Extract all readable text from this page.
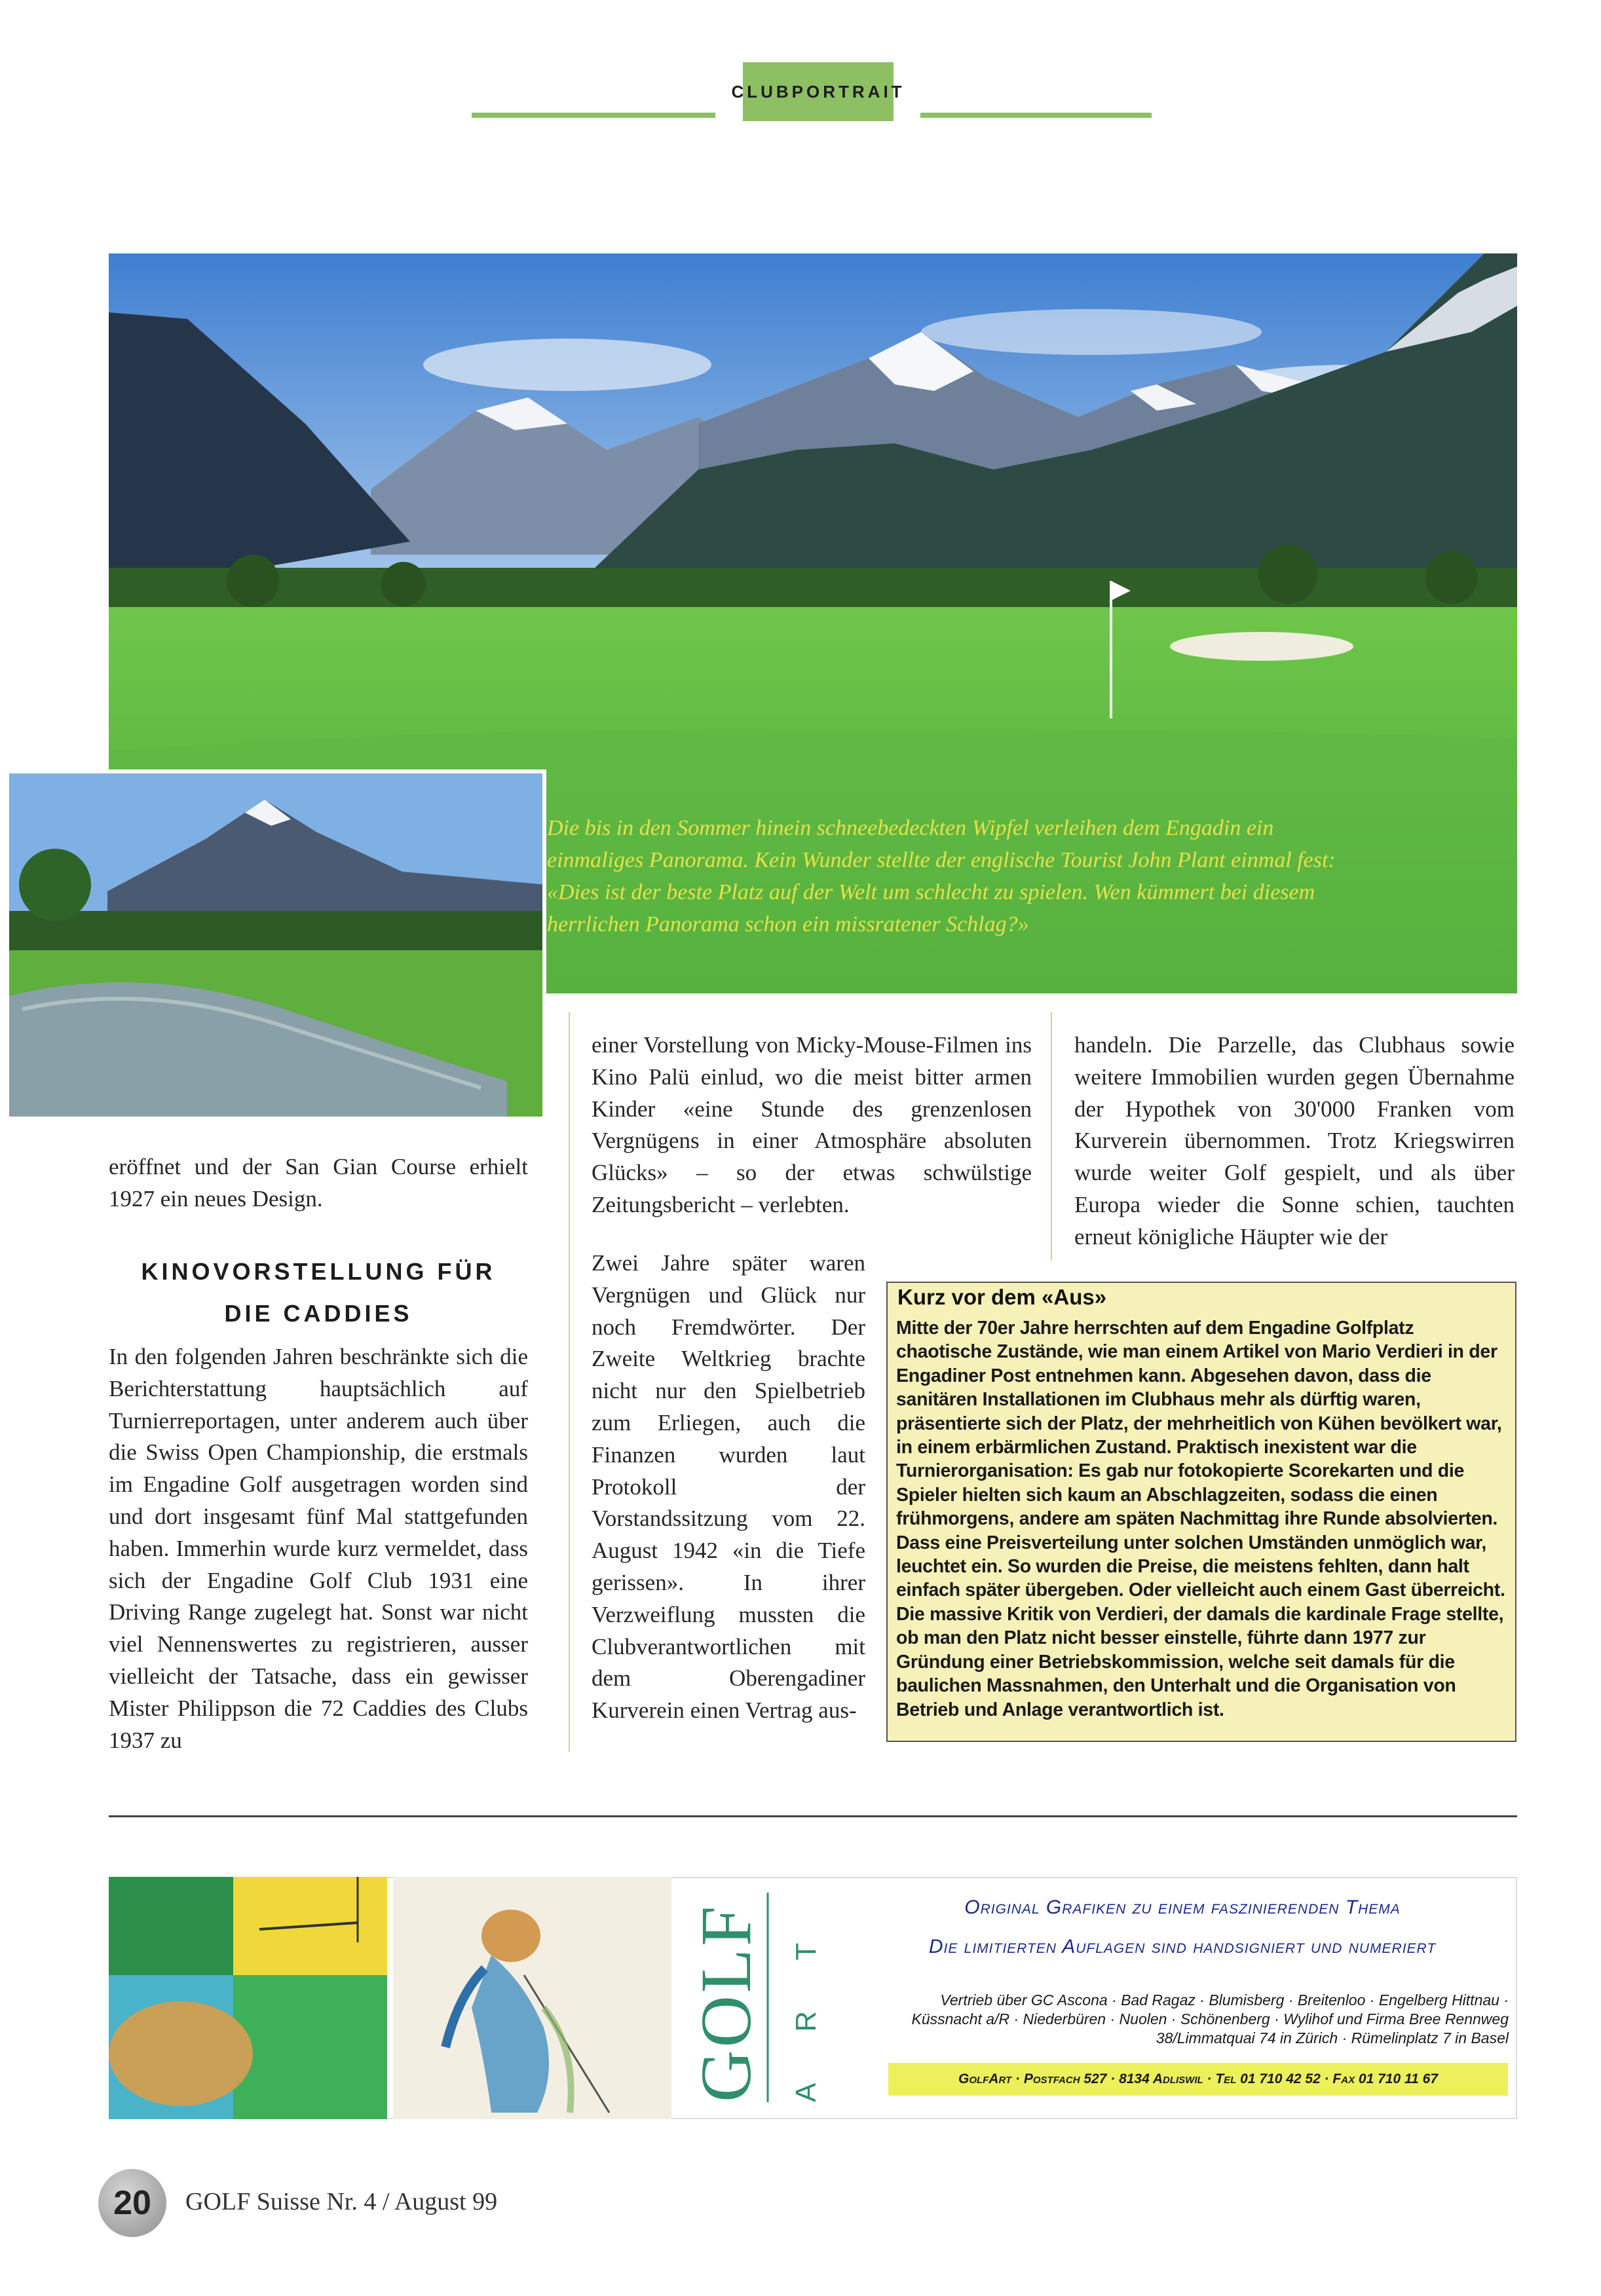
CLUBPORTRAIT
Die bis in den Sommer hinein schneebedeckten Wipfel verleihen dem Engadin ein einmaliges Panorama. Kein Wunder stellte der englische Tourist John Plant einmal fest: «Dies ist der beste Platz auf der Welt um schlecht zu spielen. Wen kümmert bei diesem herrlichen Panorama schon ein missratener Schlag?»
eröffnet und der San Gian Course erhielt 1927 ein neues Design.
KINOVORSTELLUNG FÜR
DIE CADDIES
In den folgenden Jahren beschränkte sich die Berichterstattung hauptsächlich auf Turnierreportagen, unter anderem auch über die Swiss Open Championship, die erstmals im Engadine Golf ausgetragen worden sind und dort insgesamt fünf Mal stattgefunden haben. Immerhin wurde kurz vermeldet, dass sich der Engadine Golf Club 1931 eine Driving Range zugelegt hat. Sonst war nicht viel Nennenswertes zu registrieren, ausser vielleicht der Tatsache, dass ein gewisser Mister Philippson die 72 Caddies des Clubs 1937 zu
einer Vorstellung von Micky-Mouse-Filmen ins Kino Palü einlud, wo die meist bitter armen Kinder «eine Stunde des grenzenlosen Vergnügens in einer Atmosphäre absoluten Glücks» – so der etwas schwülstige Zeitungsbericht – verlebten.
Zwei Jahre später waren Vergnügen und Glück nur noch Fremdwörter. Der Zweite Weltkrieg brachte nicht nur den Spielbetrieb zum Erliegen, auch die Finanzen wurden laut Protokoll der Vorstandssitzung vom 22. August 1942 «in die Tiefe gerissen». In ihrer Verzweiflung mussten die Clubverantwortlichen mit dem Oberengadiner Kurverein einen Vertrag aus-
handeln. Die Parzelle, das Clubhaus sowie weitere Immobilien wurden gegen Übernahme der Hypothek von 30'000 Franken vom Kurverein übernommen. Trotz Kriegswirren wurde weiter Golf gespielt, und als über Europa wieder die Sonne schien, tauchten erneut königliche Häupter wie der
Kurz vor dem «Aus»
Mitte der 70er Jahre herrschten auf dem Engadine Golfplatz chaotische Zustände, wie man einem Artikel von Mario Verdieri in der Engadiner Post entnehmen kann. Abgesehen davon, dass die sanitären Installationen im Clubhaus mehr als dürftig waren, präsentierte sich der Platz, der mehrheitlich von Kühen bevölkert war, in einem erbärmlichen Zustand. Praktisch inexistent war die Turnierorganisation: Es gab nur fotokopierte Scorekarten und die Spieler hielten sich kaum an Abschlagzeiten, sodass die einen frühmorgens, andere am späten Nachmittag ihre Runde absolvierten. Dass eine Preisverteilung unter solchen Umständen unmöglich war, leuchtet ein. So wurden die Preise, die meistens fehlten, dann halt einfach später übergeben. Oder vielleicht auch einem Gast überreicht. Die massive Kritik von Verdieri, der damals die kardinale Frage stellte, ob man den Platz nicht besser einstelle, führte dann 1977 zur Gründung einer Betriebskommission, welche seit damals für die baulichen Massnahmen, den Unterhalt und die Organisation von Betrieb und Anlage verantwortlich ist.
GOLF ART	Original Grafiken zu einem faszinierenden Thema
Die limitierten Auflagen sind handsigniert und numeriert
Vertrieb über GC Ascona · Bad Ragaz · Blumisberg · Breitenloo · Engelberg Hittnau · Küssnacht a/R · Niederbüren · Nuolen · Schönenberg · Wylihof und Firma Bree Rennweg 38/Limmatquai 74 in Zürich · Rümelinplatz 7 in Basel
GolfArt · Postfach 527 · 8134 Adliswil · Tel 01 710 42 52 · Fax 01 710 11 67
20 GOLF Suisse Nr. 4 / August 99
